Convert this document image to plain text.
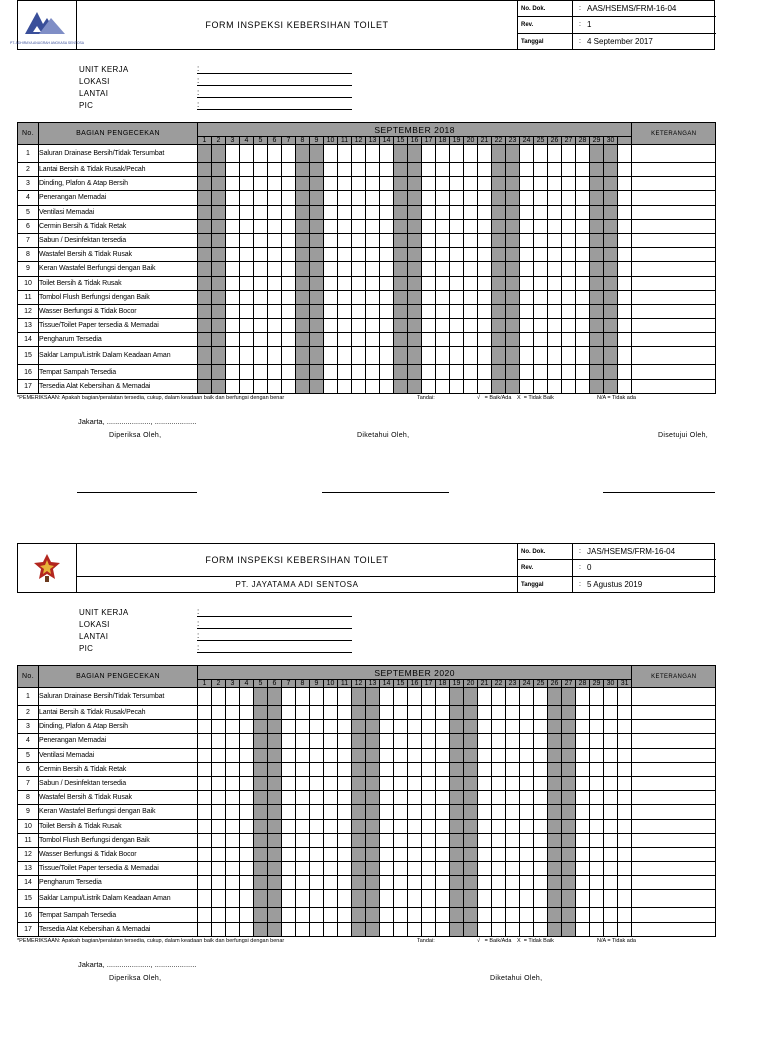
PT. ADHIRAYA ANUGRAH ANGKASA SENTOSA
FORM INSPEKSI KEBERSIHAN TOILET
No. Dok.	: AAS/HSEMS/FRM-16-04
Rev.	: 1
Tanggal	: 4 September 2017
UNIT KERJA	:
LOKASI	:
LANTAI	:
PIC	:
No.	BAGIAN PENGECEKAN	SEPTEMBER 2018																															KETERANGAN
		1	2	3	4	5	6	7	8	9	10	11	12	13	14	15	16	17	18	19	20	21	22	23	24	25	26	27	28	29	30		
1	Saluran Drainase Bersih/Tidak Tersumbat																																
2	Lantai Bersih & Tidak Rusak/Pecah																																
3	Dinding, Plafon & Atap Bersih																																
4	Penerangan Memadai																																
5	Ventilasi Memadai																																
6	Cermin Bersih & Tidak Retak																																
7	Sabun / Desinfektan tersedia																																
8	Wastafel Bersih & Tidak Rusak																																
9	Keran Wastafel Berfungsi dengan Baik																																
10	Toilet Bersih & Tidak Rusak																																
11	Tombol Flush Berfungsi dengan Baik																																
12	Wasser Berfungsi & Tidak Bocor																																
13	Tissue/Toilet Paper tersedia & Memadai																																
14	Pengharum Tersedia																																
15	Saklar Lampu/Listrik Dalam Keadaan Aman																																
16	Tempat Sampah Tersedia																																
17	Tersedia Alat Kebersihan & Memadai																																
*PEMERIKSAAN: Apakah bagian/peralatan tersedia, cukup, dalam keadaan baik dan berfungsi dengan benar	Tandai:	√ = Baik/Ada	X = Tidak Baik	N/A = Tidak ada
Jakarta, ....................., ....................
Diperiksa Oleh,	Diketahui Oleh,	Disetujui Oleh,
FORM INSPEKSI KEBERSIHAN TOILET
PT. JAYATAMA ADI SENTOSA
No. Dok.	: JAS/HSEMS/FRM-16-04
Rev.	: 0
Tanggal	: 5 Agustus 2019
UNIT KERJA	:
LOKASI	:
LANTAI	:
PIC	:
No.	BAGIAN PENGECEKAN	SEPTEMBER 2020																															KETERANGAN
		1	2	3	4	5	6	7	8	9	10	11	12	13	14	15	16	17	18	19	20	21	22	23	24	25	26	27	28	29	30	31	
1	Saluran Drainase Bersih/Tidak Tersumbat																																
2	Lantai Bersih & Tidak Rusak/Pecah																																
3	Dinding, Plafon & Atap Bersih																																
4	Penerangan Memadai																																
5	Ventilasi Memadai																																
6	Cermin Bersih & Tidak Retak																																
7	Sabun / Desinfektan tersedia																																
8	Wastafel Bersih & Tidak Rusak																																
9	Keran Wastafel Berfungsi dengan Baik																																
10	Toilet Bersih & Tidak Rusak																																
11	Tombol Flush Berfungsi dengan Baik																																
12	Wasser Berfungsi & Tidak Bocor																																
13	Tissue/Toilet Paper tersedia & Memadai																																
14	Pengharum Tersedia																																
15	Saklar Lampu/Listrik Dalam Keadaan Aman																																
16	Tempat Sampah Tersedia																																
17	Tersedia Alat Kebersihan & Memadai																																
*PEMERIKSAAN: Apakah bagian/peralatan tersedia, cukup, dalam keadaan baik dan berfungsi dengan benar	Tandai:	√ = Baik/Ada	X = Tidak Baik	N/A = Tidak ada
Jakarta, ....................., ....................
Diperiksa Oleh,	Diketahui Oleh,
